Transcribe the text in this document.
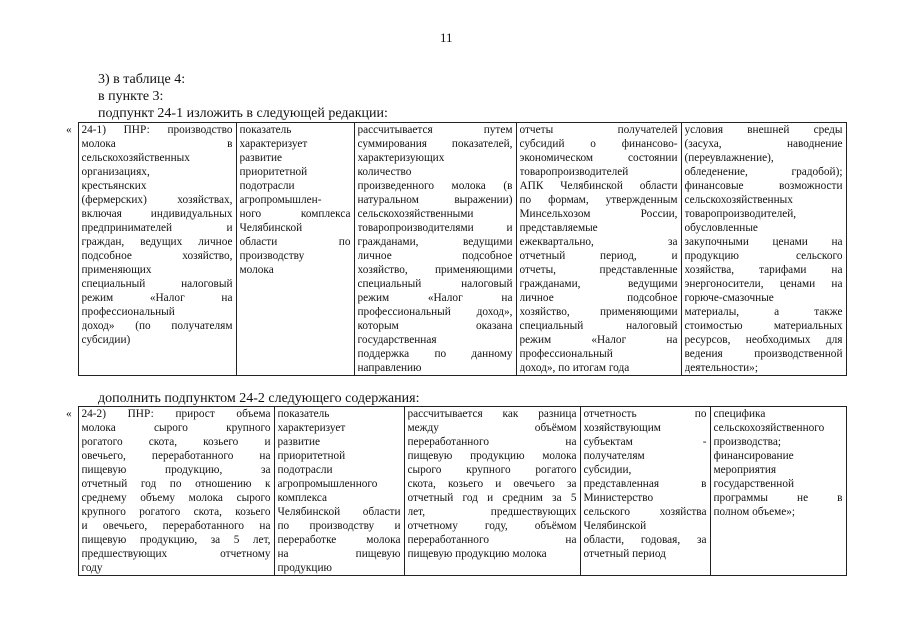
11
3) в таблице 4:
в пункте 3:
подпункт 24-1 изложить в следующей редакции:
«	24-1) ПНР: производство
молока в
сельскохозяйственных
организациях,
крестьянских
(фермерских) хозяйствах,
включая индивидуальных
предпринимателей и
граждан, ведущих личное
подсобное хозяйство,
применяющих
специальный налоговый
режим «Налог на
профессиональный
доход» (по получателям
субсидии)

показатель
характеризует
развитие
приоритетной
подотрасли
агропромышлен-
ного комплекса
Челябинской
области по
производству
молока

рассчитывается путем
суммирования показателей,
характеризующих
количество
произведенного молока (в
натуральном выражении)
сельскохозяйственными
товаропроизводителями и
гражданами, ведущими
личное подсобное
хозяйство, применяющими
специальный налоговый
режим «Налог на
профессиональный доход»,
которым оказана
государственная
поддержка по данному
направлению

отчеты получателей
субсидий о финансово-
экономическом состоянии
товаропроизводителей
АПК Челябинской области
по формам, утвержденным
Минсельхозом России,
представляемые
ежеквартально, за
отчетный период, и
отчеты, представленные
гражданами, ведущими
личное подсобное
хозяйство, применяющими
специальный налоговый
режим «Налог на
профессиональный
доход», по итогам года

условия внешней среды
(засуха, наводнение
(переувлажнение),
обледенение, градобой);
финансовые возможности
сельскохозяйственных
товаропроизводителей,
обусловленные
закупочными ценами на
продукцию сельского
хозяйства, тарифами на
энергоносители, ценами на
горюче-смазочные
материалы, а также
стоимостью материальных
ресурсов, необходимых для
ведения производственной
деятельности»;
дополнить подпунктом 24-2 следующего содержания:
«	24-2) ПНР: прирост объема
молока сырого крупного
рогатого скота, козьего и
овечьего, переработанного на
пищевую продукцию, за
отчетный год по отношению к
среднему объему молока сырого
крупного рогатого скота, козьего
и овечьего, переработанного на
пищевую продукцию, за 5 лет,
предшествующих отчетному
году

показатель
характеризует
развитие
приоритетной
подотрасли
агропромышленного
комплекса
Челябинской области
по производству и
переработке молока
на пищевую
продукцию

рассчитывается как разница
между объёмом
переработанного на
пищевую продукцию молока
сырого крупного рогатого
скота, козьего и овечьего за
отчетный год и средним за 5
лет, предшествующих
отчетному году, объёмом
переработанного на
пищевую продукцию молока

отчетность по
хозяйствующим
субъектам -
получателям
субсидии,
представленная в
Министерство
сельского хозяйства
Челябинской
области, годовая, за
отчетный период

специфика
сельскохозяйственного
производства;
финансирование
мероприятия
государственной
программы не в
полном объеме»;
